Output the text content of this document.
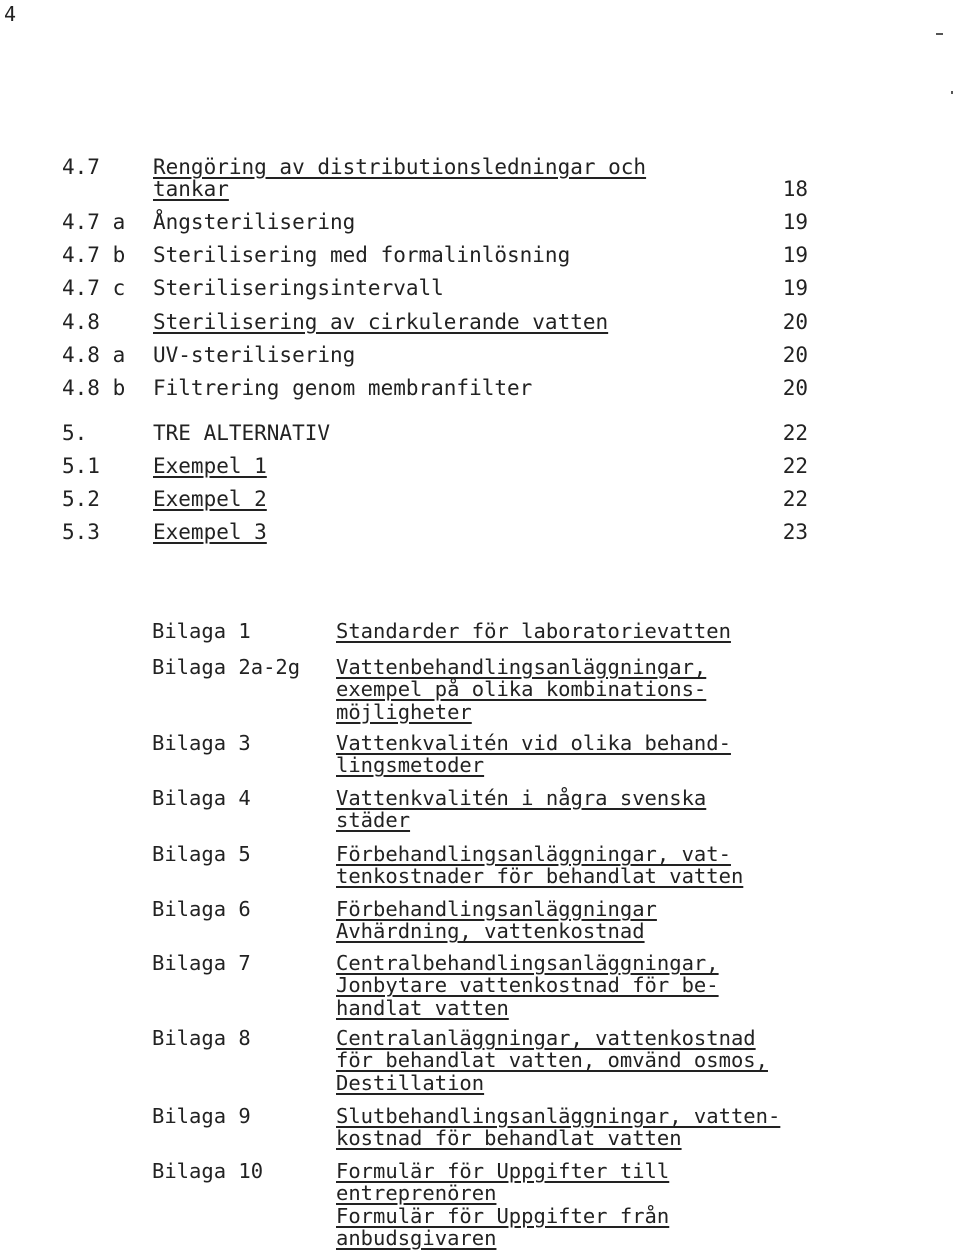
4
4.7	Rengöring av distributionsledningar och
tankar	18
4.7 a Ångsterilisering	19
4.7 b Sterilisering med formalinlösning	19
4.7 c Steriliseringsintervall	19
4.8	Sterilisering av cirkulerande vatten	20
4.8 a UV-sterilisering	20
4.8 b Filtrering genom membranfilter	20
5.	TRE ALTERNATIV	22
5.1	Exempel 1	22
5.2	Exempel 2	22
5.3	Exempel 3	23
Bilaga 1	Standarder för laboratorievatten
Bilaga 2a-2g Vattenbehandlingsanläggningar,
exempel på olika kombinations-
möjligheter
Bilaga 3	Vattenkvalitén vid olika behand-
lingsmetoder
Bilaga 4	Vattenkvalitén i några svenska
städer
Bilaga 5	Förbehandlingsanläggningar, vat-
tenkostnader för behandlat vatten
Bilaga 6	Förbehandlingsanläggningar
Avhärdning, vattenkostnad
Bilaga 7	Centralbehandlingsanläggningar,
Jonbytare vattenkostnad för be-
handlat vatten
Bilaga 8	Centralanläggningar, vattenkostnad
för behandlat vatten, omvänd osmos,
Destillation
Bilaga 9	Slutbehandlingsanläggningar, vatten-
kostnad för behandlat vatten
Bilaga 10	Formulär för Uppgifter till
entreprenören
Formulär för Uppgifter från
anbudsgivaren
